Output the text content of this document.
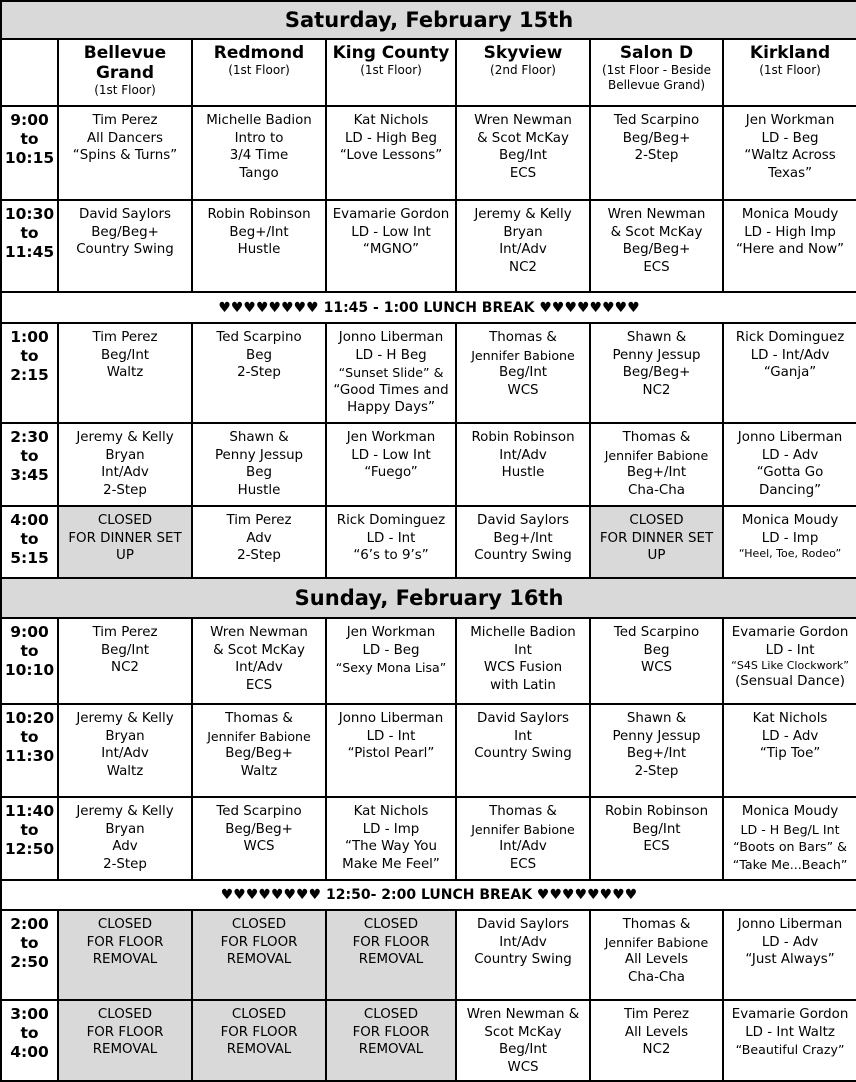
Saturday, February 15th						

	Bellevue Grand
(1st Floor)	Redmond
(1st Floor)	King County
(1st Floor)	Skyview
(2nd Floor)	Salon D
(1st Floor - Beside
Bellevue Grand)	Kirkland
(1st Floor)

9:00
to
10:15	Tim Perez
All Dancers
“Spins & Turns”	Michelle Badion
Intro to
3/4 Time
Tango	Kat Nichols
LD - High Beg
“Love Lessons”	Wren Newman
& Scot McKay
Beg/Int
ECS	Ted Scarpino
Beg/Beg+
2-Step	Jen Workman
LD - Beg
“Waltz Across
Texas”

10:30
to
11:45	David Saylors
Beg/Beg+
Country Swing	Robin Robinson
Beg+/Int
Hustle	Evamarie Gordon
LD - Low Int
“MGNO”	Jeremy & Kelly
Bryan
Int/Adv
NC2	Wren Newman
& Scot McKay
Beg/Beg+
ECS	Monica Moudy
LD - High Imp
“Here and Now”

♥♥♥♥♥♥♥♥ 11:45 - 1:00 LUNCH BREAK ♥♥♥♥♥♥♥♥						

1:00
to
2:15	Tim Perez
Beg/Int
Waltz	Ted Scarpino
Beg
2-Step	Jonno Liberman
LD - H Beg
“Sunset Slide” &
“Good Times and
Happy Days”	Thomas &
Jennifer Babione
Beg/Int
WCS	Shawn &
Penny Jessup
Beg/Beg+
NC2	Rick Dominguez
LD - Int/Adv
“Ganja”

2:30
to
3:45	Jeremy & Kelly
Bryan
Int/Adv
2-Step	Shawn &
Penny Jessup
Beg
Hustle	Jen Workman
LD - Low Int
“Fuego”	Robin Robinson
Int/Adv
Hustle	Thomas &
Jennifer Babione
Beg+/Int
Cha-Cha	Jonno Liberman
LD - Adv
“Gotta Go
Dancing”

4:00
to
5:15	CLOSED
FOR DINNER SET
UP	Tim Perez
Adv
2-Step	Rick Dominguez
LD - Int
“6’s to 9’s”	David Saylors
Beg+/Int
Country Swing	CLOSED
FOR DINNER SET
UP	Monica Moudy
LD - Imp
“Heel, Toe, Rodeo”

Sunday, February 16th						

9:00
to
10:10	Tim Perez
Beg/Int
NC2	Wren Newman
& Scot McKay
Int/Adv
ECS	Jen Workman
LD - Beg
“Sexy Mona Lisa”	Michelle Badion
Int
WCS Fusion
with Latin	Ted Scarpino
Beg
WCS	Evamarie Gordon
LD - Int
“S4S Like Clockwork”
(Sensual Dance)

10:20
to
11:30	Jeremy & Kelly
Bryan
Int/Adv
Waltz	Thomas &
Jennifer Babione
Beg/Beg+
Waltz	Jonno Liberman
LD - Int
“Pistol Pearl”	David Saylors
Int
Country Swing	Shawn &
Penny Jessup
Beg+/Int
2-Step	Kat Nichols
LD - Adv
“Tip Toe”

11:40
to
12:50	Jeremy & Kelly
Bryan
Adv
2-Step	Ted Scarpino
Beg/Beg+
WCS	Kat Nichols
LD - Imp
“The Way You
Make Me Feel”	Thomas &
Jennifer Babione
Int/Adv
ECS	Robin Robinson
Beg/Int
ECS	Monica Moudy
LD - H Beg/L Int
“Boots on Bars” &
“Take Me...Beach”

♥♥♥♥♥♥♥♥ 12:50- 2:00 LUNCH BREAK ♥♥♥♥♥♥♥♥						

2:00
to
2:50	CLOSED
FOR FLOOR
REMOVAL	CLOSED
FOR FLOOR
REMOVAL	CLOSED
FOR FLOOR
REMOVAL	David Saylors
Int/Adv
Country Swing	Thomas &
Jennifer Babione
All Levels
Cha-Cha	Jonno Liberman
LD - Adv
“Just Always”

3:00
to
4:00	CLOSED
FOR FLOOR
REMOVAL	CLOSED
FOR FLOOR
REMOVAL	CLOSED
FOR FLOOR
REMOVAL	Wren Newman &
Scot McKay
Beg/Int
WCS	Tim Perez
All Levels
NC2	Evamarie Gordon
LD - Int Waltz
“Beautiful Crazy”
